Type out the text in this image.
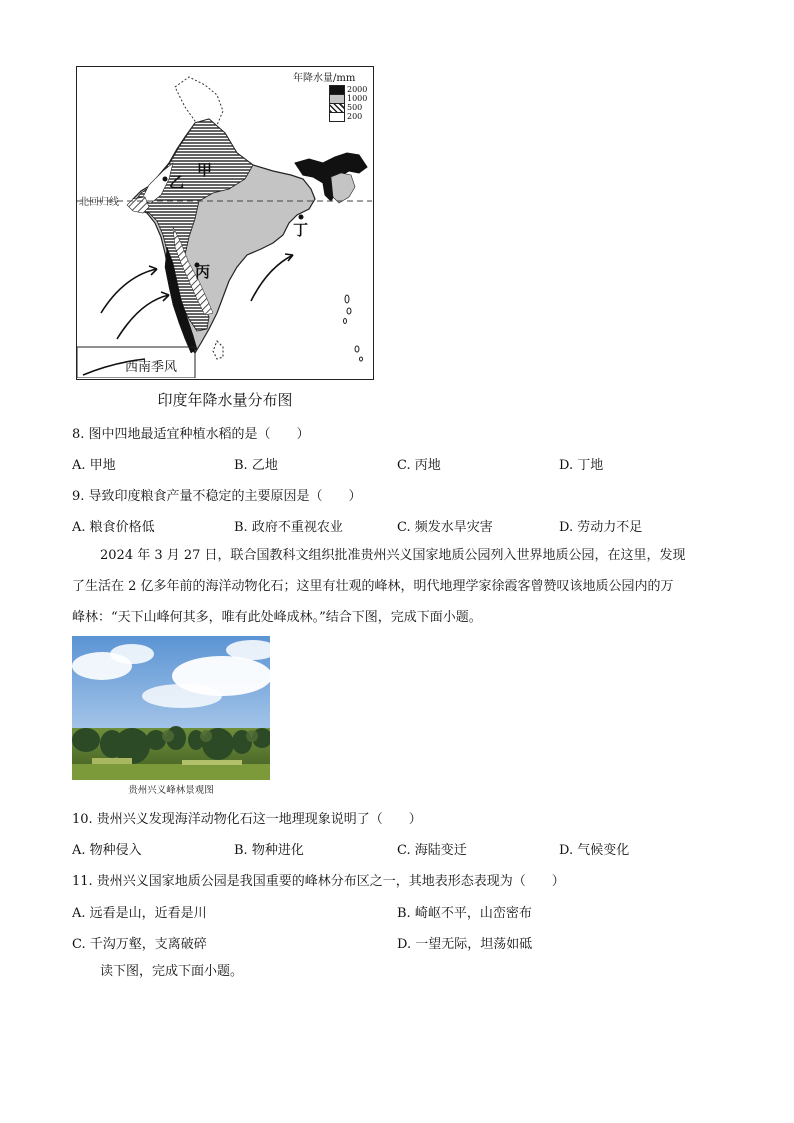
年降水量/mm
2000
1000
500
200
北回归线
甲
乙
丙
丁
西南季风
印度年降水量分布图
8. 图中四地最适宜种植水稻的是（　　）
A. 甲地	B. 乙地	C. 丙地	D. 丁地
9. 导致印度粮食产量不稳定的主要原因是（　　）
A. 粮食价格低	B. 政府不重视农业	C. 频发水旱灾害	D. 劳动力不足
2024 年 3 月 27 日，联合国教科文组织批准贵州兴义国家地质公园列入世界地质公园，在这里，发现
了生活在 2 亿多年前的海洋动物化石；这里有壮观的峰林，明代地理学家徐霞客曾赞叹该地质公园内的万
峰林：“天下山峰何其多，唯有此处峰成林。”结合下图，完成下面小题。
贵州兴义峰林景观图
10. 贵州兴义发现海洋动物化石这一地理现象说明了（　　）
A. 物种侵入	B. 物种进化	C. 海陆变迁	D. 气候变化
11. 贵州兴义国家地质公园是我国重要的峰林分布区之一，其地表形态表现为（　　）
A. 远看是山，近看是川	B. 崎岖不平，山峦密布
C. 千沟万壑，支离破碎	D. 一望无际，坦荡如砥
读下图，完成下面小题。
